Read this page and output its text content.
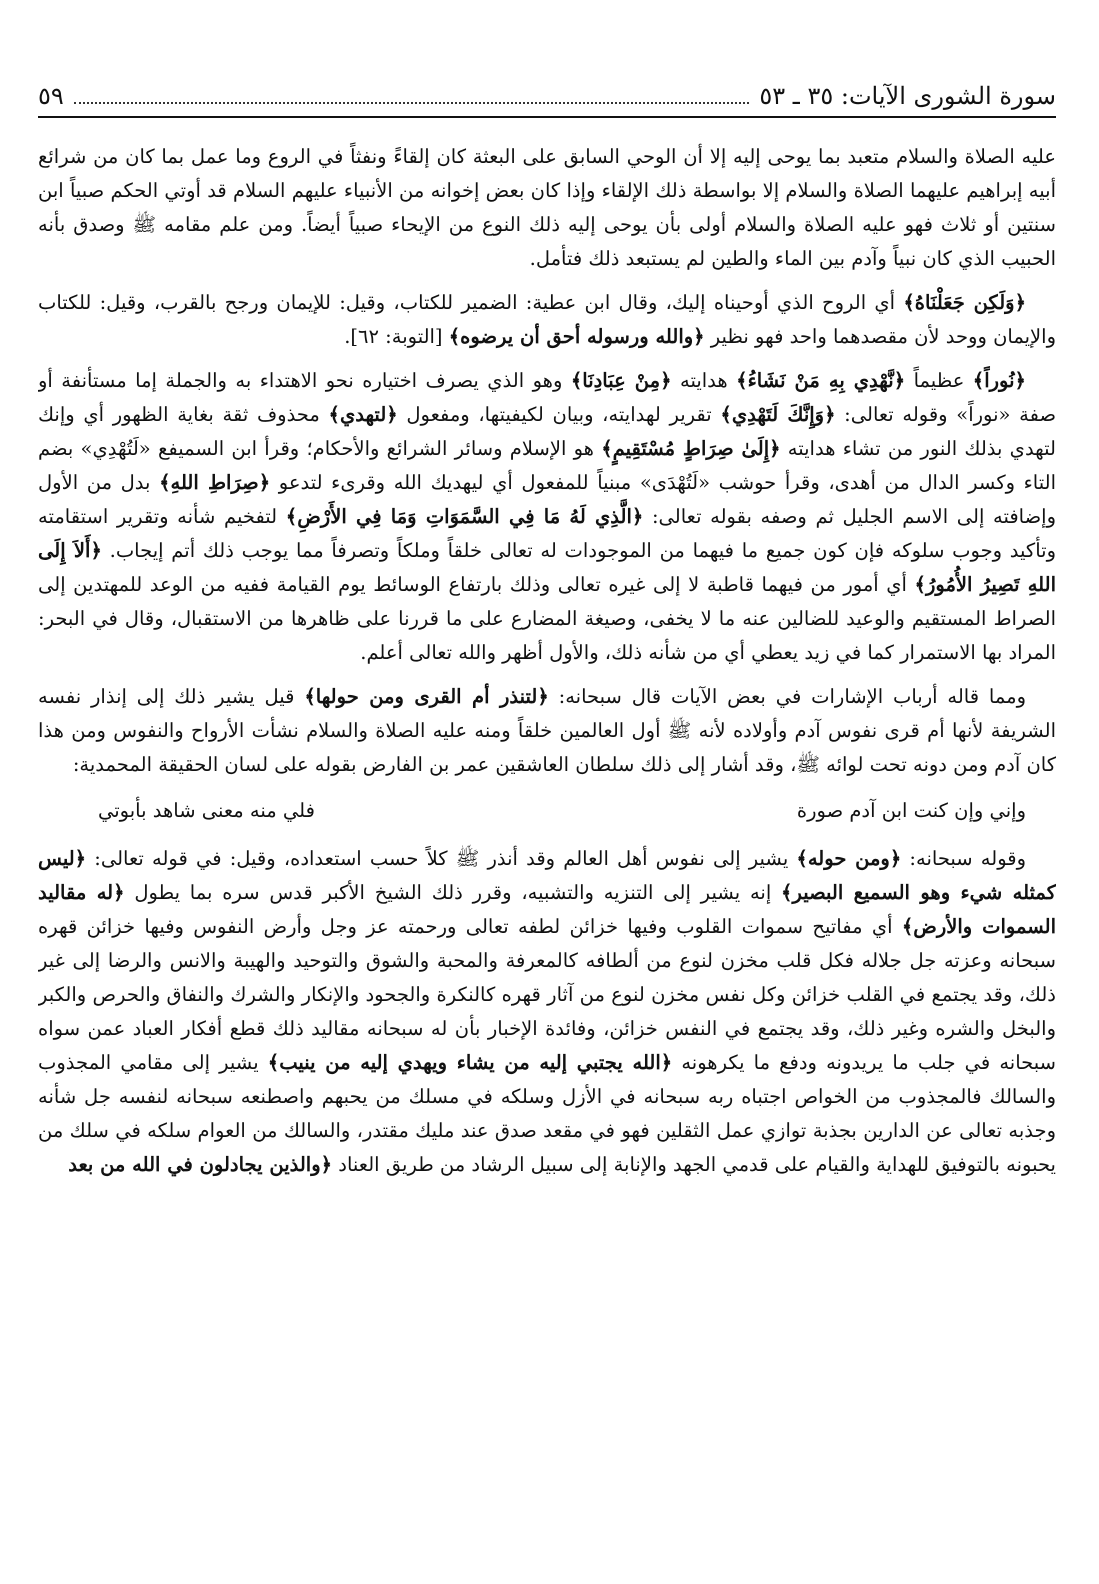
سورة الشورى الآيات: ٣٥ ـ ٥٣
٥٩

عليه الصلاة والسلام متعبد بما يوحى إليه إلا أن الوحي السابق على البعثة كان إلقاءً ونفثاً في الروع وما عمل بما كان من شرائع أبيه إبراهيم عليهما الصلاة والسلام إلا بواسطة ذلك الإلقاء وإذا كان بعض إخوانه من الأنبياء عليهم السلام قد أوتي الحكم صبياً ابن سنتين أو ثلاث فهو عليه الصلاة والسلام أولى بأن يوحى إليه ذلك النوع من الإيحاء صبياً أيضاً. ومن علم مقامه ﷺ وصدق بأنه الحبيب الذي كان نبياً وآدم بين الماء والطين لم يستبعد ذلك فتأمل.

﴿وَلَكِن جَعَلْنَاهُ﴾ أي الروح الذي أوحيناه إليك، وقال ابن عطية: الضمير للكتاب، وقيل: للإيمان ورجح بالقرب، وقيل: للكتاب والإيمان ووحد لأن مقصدهما واحد فهو نظير ﴿والله ورسوله أحق أن يرضوه﴾ [التوبة: ٦٢].

﴿نُوراً﴾ عظيماً ﴿نَّهْدِي بِهِ مَنْ نَشَاءُ﴾ هدايته ﴿مِنْ عِبَادِنَا﴾ وهو الذي يصرف اختياره نحو الاهتداء به والجملة إما مستأنفة أو صفة «نوراً» وقوله تعالى: ﴿وَإِنَّكَ لَتَهْدِي﴾ تقرير لهدايته، وبيان لكيفيتها، ومفعول ﴿لتهدي﴾ محذوف ثقة بغاية الظهور أي وإنك لتهدي بذلك النور من تشاء هدايته ﴿إِلَىٰ صِرَاطٍ مُسْتَقِيمٍ﴾ هو الإسلام وسائر الشرائع والأحكام؛ وقرأ ابن السميفع «لَتُهْدِي» بضم التاء وكسر الدال من أهدى، وقرأ حوشب «لَتُهْدَى» مبنياً للمفعول أي ليهديك الله وقرىء لتدعو ﴿صِرَاطِ اللهِ﴾ بدل من الأول وإضافته إلى الاسم الجليل ثم وصفه بقوله تعالى: ﴿الَّذِي لَهُ مَا فِي السَّمَوَاتِ وَمَا فِي الأَرْضِ﴾ لتفخيم شأنه وتقرير استقامته وتأكيد وجوب سلوكه فإن كون جميع ما فيهما من الموجودات له تعالى خلقاً وملكاً وتصرفاً مما يوجب ذلك أتم إيجاب. ﴿أَلاَ إِلَى اللهِ تَصِيرُ الأُمُورُ﴾ أي أمور من فيهما قاطبة لا إلى غيره تعالى وذلك بارتفاع الوسائط يوم القيامة ففيه من الوعد للمهتدين إلى الصراط المستقيم والوعيد للضالين عنه ما لا يخفى، وصيغة المضارع على ما قررنا على ظاهرها من الاستقبال، وقال في البحر: المراد بها الاستمرار كما في زيد يعطي أي من شأنه ذلك، والأول أظهر والله تعالى أعلم.

ومما قاله أرباب الإشارات في بعض الآيات قال سبحانه: ﴿لتنذر أم القرى ومن حولها﴾ قيل يشير ذلك إلى إنذار نفسه الشريفة لأنها أم قرى نفوس آدم وأولاده لأنه ﷺ أول العالمين خلقاً ومنه عليه الصلاة والسلام نشأت الأرواح والنفوس ومن هذا كان آدم ومن دونه تحت لوائه ﷺ، وقد أشار إلى ذلك سلطان العاشقين عمر بن الفارض بقوله على لسان الحقيقة المحمدية:

وإني وإن كنت ابن آدم صورة
فلي منه معنى شاهد بأبوتي

وقوله سبحانه: ﴿ومن حوله﴾ يشير إلى نفوس أهل العالم وقد أنذر ﷺ كلاً حسب استعداده، وقيل: في قوله تعالى: ﴿ليس كمثله شيء وهو السميع البصير﴾ إنه يشير إلى التنزيه والتشبيه، وقرر ذلك الشيخ الأكبر قدس سره بما يطول ﴿له مقاليد السموات والأرض﴾ أي مفاتيح سموات القلوب وفيها خزائن لطفه تعالى ورحمته عز وجل وأرض النفوس وفيها خزائن قهره سبحانه وعزته جل جلاله فكل قلب مخزن لنوع من ألطافه كالمعرفة والمحبة والشوق والتوحيد والهيبة والانس والرضا إلى غير ذلك، وقد يجتمع في القلب خزائن وكل نفس مخزن لنوع من آثار قهره كالنكرة والجحود والإنكار والشرك والنفاق والحرص والكبر والبخل والشره وغير ذلك، وقد يجتمع في النفس خزائن، وفائدة الإخبار بأن له سبحانه مقاليد ذلك قطع أفكار العباد عمن سواه سبحانه في جلب ما يريدونه ودفع ما يكرهونه ﴿الله يجتبي إليه من يشاء ويهدي إليه من ينيب﴾ يشير إلى مقامي المجذوب والسالك فالمجذوب من الخواص اجتباه ربه سبحانه في الأزل وسلكه في مسلك من يحبهم واصطنعه سبحانه لنفسه جل شأنه وجذبه تعالى عن الدارين بجذبة توازي عمل الثقلين فهو في مقعد صدق عند مليك مقتدر، والسالك من العوام سلكه في سلك من يحبونه بالتوفيق للهداية والقيام على قدمي الجهد والإنابة إلى سبيل الرشاد من طريق العناد ﴿والذين يجادلون في الله من بعد
